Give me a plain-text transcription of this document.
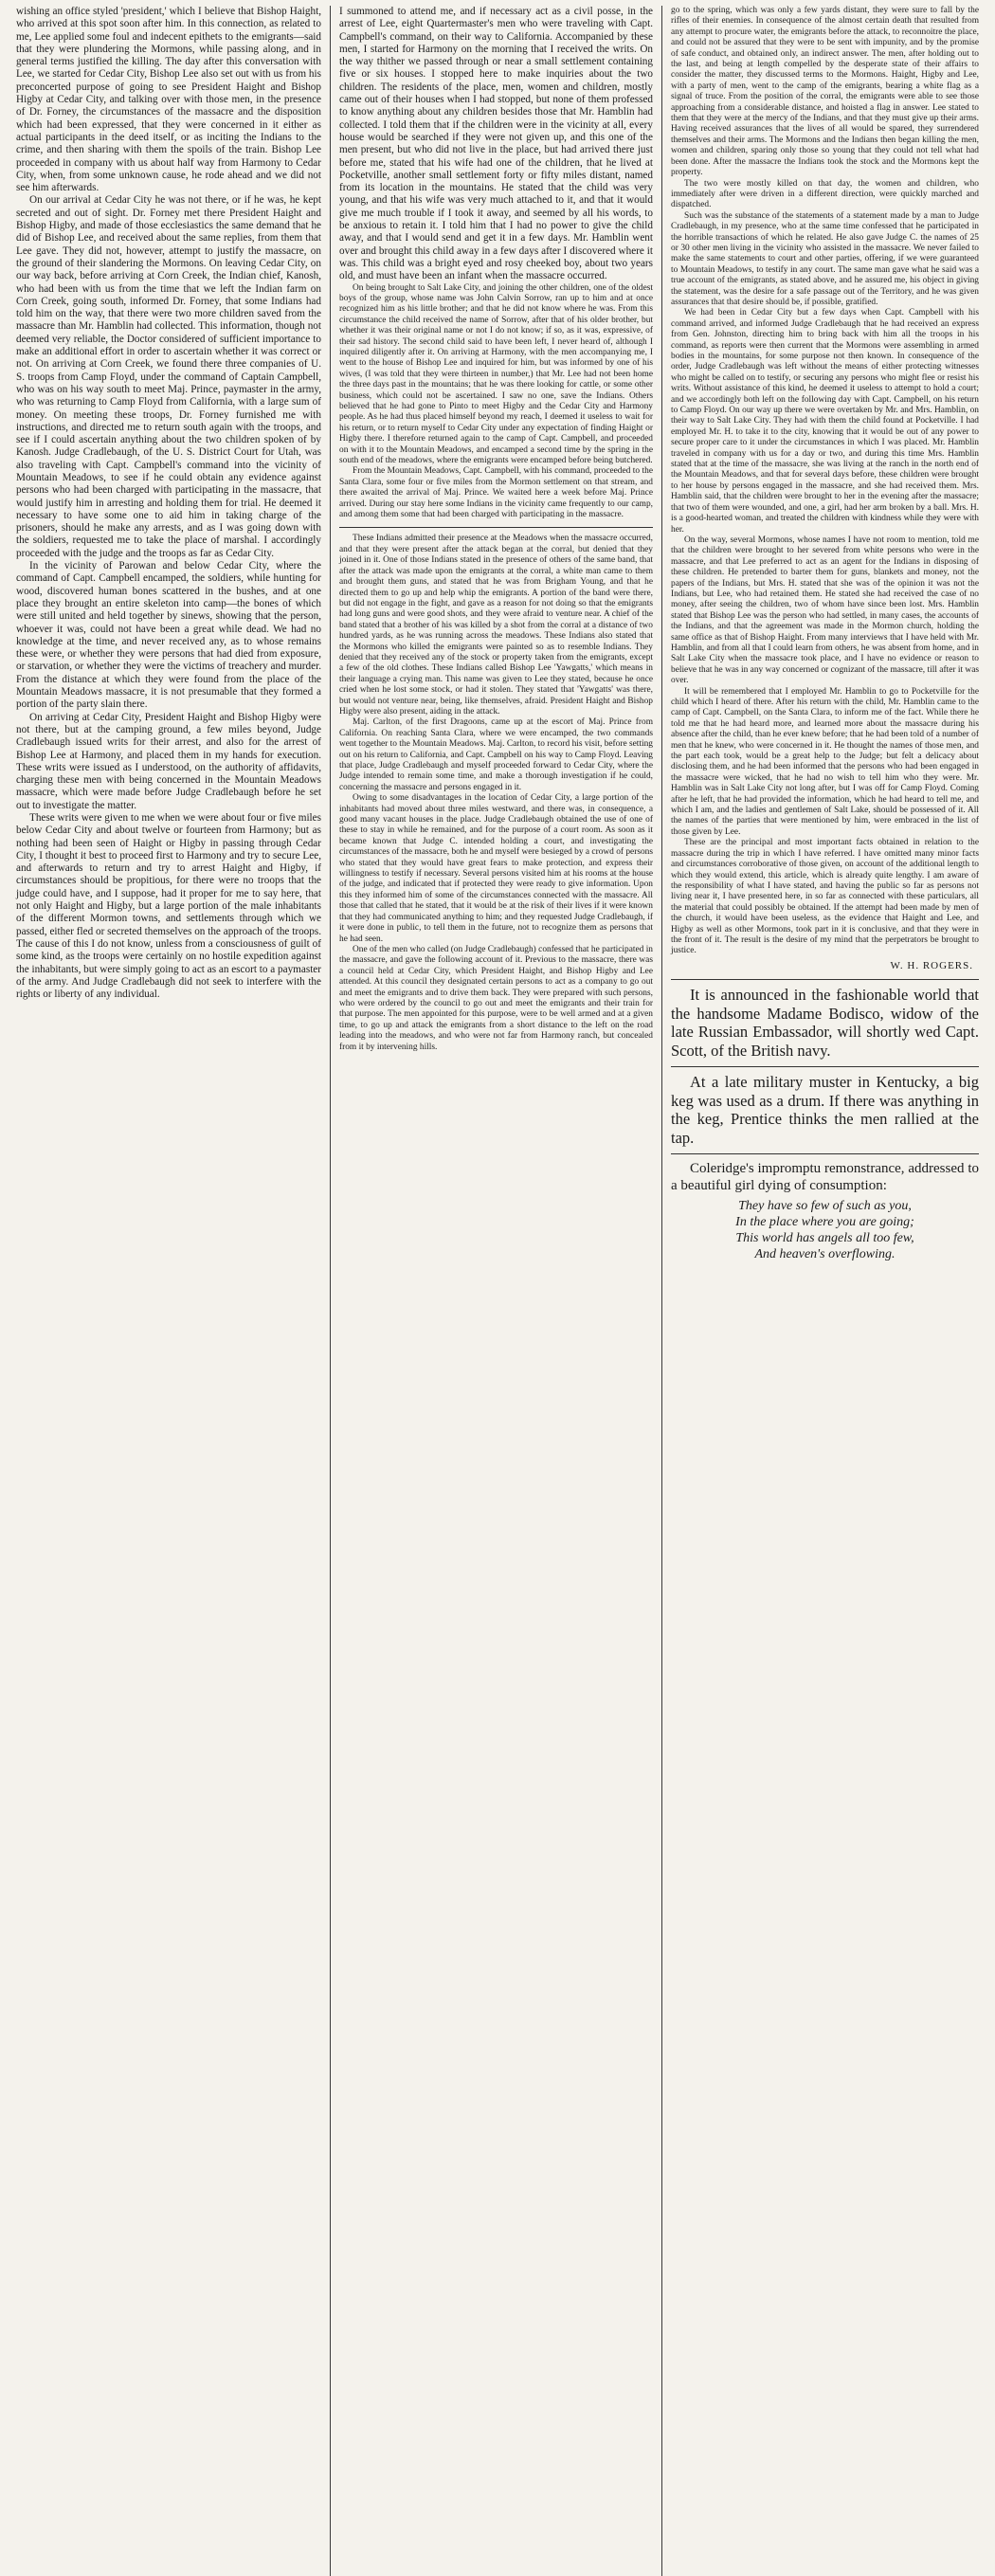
wishing an office styled 'president,' which I believe that Bishop Haight, who arrived at this spot soon after him. In this connection, as related to me, Lee applied some foul and indecent epithets to the emigrants—said that they were plundering the Mormons, while passing along, and in general terms justified the killing. The day after this conversation with Lee, we started for Cedar City, Bishop Lee also set out with us from his preconcerted purpose of going to see President Haight and Bishop Higby at Cedar City, and talking over with those men, in the presence of Dr. Forney, the circumstances of the massacre and the disposition which had been expressed, that they were concerned in it either as actual participants in the deed itself, or as inciting the Indians to the crime, and then sharing with them the spoils of the train. Bishop Lee proceeded in company with us about half way from Harmony to Cedar City, when, from some unknown cause, he rode ahead and we did not see him afterwards.

On our arrival at Cedar City he was not there, or if he was, he kept secreted and out of sight. Dr. Forney met there President Haight and Bishop Higby, and made of those ecclesiastics the same demand that he did of Bishop Lee, and received about the same replies, from them that Lee gave. They did not, however, attempt to justify the massacre, on the ground of their slandering the Mormons. On leaving Cedar City, on our way back, before arriving at Corn Creek, the Indian chief, Kanosh, who had been with us from the time that we left the Indian farm on Corn Creek, going south, informed Dr. Forney, that some Indians had told him on the way, that there were two more children saved from the massacre than Mr. Hamblin had collected. This information, though not deemed very reliable, the Doctor considered of sufficient importance to make an additional effort in order to ascertain whether it was correct or not. On arriving at Corn Creek, we found there three companies of U. S. troops from Camp Floyd, under the command of Captain Campbell, who was on his way south to meet Maj. Prince, paymaster in the army, who was returning to Camp Floyd from California, with a large sum of money. On meeting these troops, Dr. Forney furnished me with instructions, and directed me to return south again with the troops, and see if I could ascertain anything about the two children spoken of by Kanosh. Judge Cradlebaugh, of the U. S. District Court for Utah, was also traveling with Capt. Campbell's command into the vicinity of Mountain Meadows, to see if he could obtain any evidence against persons who had been charged with participating in the massacre, that would justify him in arresting and holding them for trial. He deemed it necessary to have some one to aid him in taking charge of the prisoners, should he make any arrests, and as I was going down with the soldiers, requested me to take the place of marshal. I accordingly proceeded with the judge and the troops as far as Cedar City.

In the vicinity of Parowan and below Cedar City, where the command of Capt. Campbell encamped, the soldiers, while hunting for wood, discovered human bones scattered in the bushes, and at one place they brought an entire skeleton into camp—the bones of which were still united and held together by sinews, showing that the person, whoever it was, could not have been a great while dead. We had no knowledge at the time, and never received any, as to whose remains these were, or whether they were persons that had died from exposure, or starvation, or whether they were the victims of treachery and murder. From the distance at which they were found from the place of the Mountain Meadows massacre, it is not presumable that they formed a portion of the party slain there.

On arriving at Cedar City, President Haight and Bishop Higby were not there, but at the camping ground, a few miles beyond, Judge Cradlebaugh issued writs for their arrest, and also for the arrest of Bishop Lee at Harmony, and placed them in my hands for execution. These writs were issued as I understood, on the authority of affidavits, charging these men with being concerned in the Mountain Meadows massacre, which were made before Judge Cradlebaugh before he set out to investigate the matter.

These writs were given to me when we were about four or five miles below Cedar City and about twelve or fourteen from Harmony; but as nothing had been seen of Haight or Higby in passing through Cedar City, I thought it best to proceed first to Harmony and try to secure Lee, and afterwards to return and try to arrest Haight and Higby, if circumstances should be propitious, for there were no troops that the judge could have, and I suppose, had it proper for me to say here, that not only Haight and Higby, but a large portion of the male inhabitants of the different Mormon towns, and settlements through which we passed, either fled or secreted themselves on the approach of the troops. The cause of this I do not know, unless from a consciousness of guilt of some kind, as the troops were certainly on no hostile expedition against the inhabitants, but were simply going to act as an escort to a paymaster of the army. And Judge Cradlebaugh did not seek to interfere with the rights or liberty of any individual.

I summoned to attend me, and if necessary act as a civil posse, in the arrest of Lee, eight Quartermaster's men who were traveling with Capt. Campbell's command, on their way to California. Accompanied by these men, I started for Harmony on the morning that I received the writs. On the way thither we passed through or near a small settlement containing five or six houses. I stopped here to make inquiries about the two children. The residents of the place, men, women and children, mostly came out of their houses when I had stopped, but none of them professed to know anything about any children besides those that Mr. Hamblin had collected. I told them that if the children were in the vicinity at all, every house would be searched if they were not given up, and this one of the men present, but who did not live in the place, but had arrived there just before me, stated that his wife had one of the children, that he lived at Pocketville, another small settlement forty or fifty miles distant, named from its location in the mountains. He stated that the child was very young, and that his wife was very much attached to it, and that it would give me much trouble if I took it away, and seemed by all his words, to be anxious to retain it. I told him that I had no power to give the child away, and that I would send and get it in a few days. Mr. Hamblin went over and brought this child away in a few days after I discovered where it was. This child was a bright eyed and rosy cheeked boy, about two years old, and must have been an infant when the massacre occurred.

On being brought to Salt Lake City, and joining the other children, one of the oldest boys of the group, whose name was John Calvin Sorrow, ran up to him and at once recognized him as his little brother; and that he did not know where he was. From this circumstance the child received the name of Sorrow, after that of his older brother, but whether it was their original name or not I do not know; if so, as it was, expressive, of their sad history. The second child said to have been left, I never heard of, although I inquired diligently after it. On arriving at Harmony, with the men accompanying me, I went to the house of Bishop Lee and inquired for him, but was informed by one of his wives, (I was told that they were thirteen in number,) that Mr. Lee had not been home the three days past in the mountains; that he was there looking for cattle, or some other business, which could not be ascertained. I saw no one, save the Indians. Others believed that he had gone to Pinto to meet Higby and the Cedar City and Harmony people. As he had thus placed himself beyond my reach, I deemed it useless to wait for his return, or to return myself to Cedar City under any expectation of finding Haight or Higby there. I therefore returned again to the camp of Capt. Campbell, and proceeded on with it to the Mountain Meadows, and encamped a second time by the spring in the south end of the meadows, where the emigrants were encamped before being butchered.

From the Mountain Meadows, Capt. Campbell, with his command, proceeded to the Santa Clara, some four or five miles from the Mormon settlement on that stream, and there awaited the arrival of Maj. Prince. We waited here a week before Maj. Prince arrived. During our stay here some Indians in the vicinity came frequently to our camp, and among them some that had been charged with participating in the massacre.

These Indians admitted their presence at the Meadows when the massacre occurred, and that they were present after the attack began at the corral, but denied that they joined in it. One of those Indians stated in the presence of others of the same band, that after the attack was made upon the emigrants at the corral, a white man came to them and brought them guns, and stated that he was from Brigham Young, and that he directed them to go up and help whip the emigrants. A portion of the band were there, but did not engage in the fight, and gave as a reason for not doing so that the emigrants had long guns and were good shots, and they were afraid to venture near. A chief of the band stated that a brother of his was killed by a shot from the corral at a distance of two hundred yards, as he was running across the meadows. These Indians also stated that the Mormons who killed the emigrants were painted so as to resemble Indians. They denied that they received any of the stock or property taken from the emigrants, except a few of the old clothes. These Indians called Bishop Lee 'Yawgatts,' which means in their language a crying man. This name was given to Lee they stated, because he once cried when he lost some stock, or had it stolen. They stated that 'Yawgatts' was there, but would not venture near, being, like themselves, afraid. President Haight and Bishop Higby were also present, aiding in the attack.

Maj. Carlton, of the first Dragoons, came up at the escort of Maj. Prince from California. On reaching Santa Clara, where we were encamped, the two commands went together to the Mountain Meadows. Maj. Carlton, to record his visit, before setting out on his return to California, and Capt. Campbell on his way to Camp Floyd. Leaving that place, Judge Cradlebaugh and myself proceeded forward to Cedar City, where the Judge intended to remain some time, and make a thorough investigation if he could, concerning the massacre and persons engaged in it.

Owing to some disadvantages in the location of Cedar City, a large portion of the inhabitants had moved about three miles westward, and there was, in consequence, a good many vacant houses in the place. Judge Cradlebaugh obtained the use of one of these to stay in while he remained, and for the purpose of a court room. As soon as it became known that Judge C. intended holding a court, and investigating the circumstances of the massacre, both he and myself were besieged by a crowd of persons who stated that they would have great fears to make protection, and express their willingness to testify if necessary. Several persons visited him at his rooms at the house of the judge, and indicated that if protected they were ready to give information. Upon this they informed him of some of the circumstances connected with the massacre. All those that called that he stated, that it would be at the risk of their lives if it were known that they had communicated anything to him; and they requested Judge Cradlebaugh, if it were done in public, to tell them in the future, not to recognize them as persons that he had seen.

One of the men who called (on Judge Cradlebaugh) confessed that he participated in the massacre, and gave the following account of it. Previous to the massacre, there was a council held at Cedar City, which President Haight, and Bishop Higby and Lee attended. At this council they designated certain persons to act as a company to go out and meet the emigrants and to drive them back. They were prepared with such persons, who were ordered by the council to go out and meet the emigrants and their train for that purpose. The men appointed for this purpose, were to be well armed and at a given time, to go up and attack the emigrants from a short distance to the left on the road leading into the meadows, and who were not far from Harmony ranch, but concealed from it by intervening hills.

go to the spring, which was only a few yards distant, they were sure to fall by the rifles of their enemies. In consequence of the almost certain death that resulted from any attempt to procure water, the emigrants before the attack, to reconnoitre the place, and could not be assured that they were to be sent with impunity, and by the promise of safe conduct, and obtained only, an indirect answer. The men, after holding out to the last, and being at length compelled by the desperate state of their affairs to consider the matter, they discussed terms to the Mormons. Haight, Higby and Lee, with a party of men, went to the camp of the emigrants, bearing a white flag as a signal of truce. From the position of the corral, the emigrants were able to see those approaching from a considerable distance, and hoisted a flag in answer. Lee stated to them that they were at the mercy of the Indians, and that they must give up their arms. Having received assurances that the lives of all would be spared, they surrendered themselves and their arms. The Mormons and the Indians then began killing the men, women and children, sparing only those so young that they could not tell what had been done. After the massacre the Indians took the stock and the Mormons kept the property.

The two were mostly killed on that day, the women and children, who immediately after were driven in a different direction, were quickly marched and dispatched.

Such was the substance of the statements of a statement made by a man to Judge Cradlebaugh, in my presence, who at the same time confessed that he participated in the horrible transactions of which he related. He also gave Judge C. the names of 25 or 30 other men living in the vicinity who assisted in the massacre. We never failed to make the same statements to court and other parties, offering, if we were guaranteed to Mountain Meadows, to testify in any court. The same man gave what he said was a true account of the emigrants, as stated above, and he assured me, his object in giving the statement, was the desire for a safe passage out of the Territory, and he was given assurances that that desire should be, if possible, gratified.

We had been in Cedar City but a few days when Capt. Campbell with his command arrived, and informed Judge Cradlebaugh that he had received an express from Gen. Johnston, directing him to bring back with him all the troops in his command, as reports were then current that the Mormons were assembling in armed bodies in the mountains, for some purpose not then known. In consequence of the order, Judge Cradlebaugh was left without the means of either protecting witnesses who might be called on to testify, or securing any persons who might flee or resist his writs. Without assistance of this kind, he deemed it useless to attempt to hold a court; and we accordingly both left on the following day with Capt. Campbell, on his return to Camp Floyd. On our way up there we were overtaken by Mr. and Mrs. Hamblin, on their way to Salt Lake City. They had with them the child found at Pocketville. I had employed Mr. H. to take it to the city, knowing that it would be out of any power to secure proper care to it under the circumstances in which I was placed. Mr. Hamblin traveled in company with us for a day or two, and during this time Mrs. Hamblin stated that at the time of the massacre, she was living at the ranch in the north end of the Mountain Meadows, and that for several days before, these children were brought to her house by persons engaged in the massacre, and she had received them. Mrs. Hamblin said, that the children were brought to her in the evening after the massacre; that two of them were wounded, and one, a girl, had her arm broken by a ball. Mrs. H. is a good-hearted woman, and treated the children with kindness while they were with her.

On the way, several Mormons, whose names I have not room to mention, told me that the children were brought to her severed from white persons who were in the massacre, and that Lee preferred to act as an agent for the Indians in disposing of these children. He pretended to barter them for guns, blankets and money, not the papers of the Indians, but Mrs. H. stated that she was of the opinion it was not the Indians, but Lee, who had retained them. He stated she had received the case of no money, after seeing the children, two of whom have since been lost. Mrs. Hamblin stated that Bishop Lee was the person who had settled, in many cases, the accounts of the Indians, and that the agreement was made in the Mormon church, holding the same office as that of Bishop Haight. From many interviews that I have held with Mr. Hamblin, and from all that I could learn from others, he was absent from home, and in Salt Lake City when the massacre took place, and I have no evidence or reason to believe that he was in any way concerned or cognizant of the massacre, till after it was over.

It will be remembered that I employed Mr. Hamblin to go to Pocketville for the child which I heard of there. After his return with the child, Mr. Hamblin came to the camp of Capt. Campbell, on the Santa Clara, to inform me of the fact. While there he told me that he had heard more, and learned more about the massacre during his absence after the child, than he ever knew before; that he had been told of a number of men that he knew, who were concerned in it. He thought the names of those men, and the part each took, would be a great help to the Judge; but felt a delicacy about disclosing them, and he had been informed that the persons who had been engaged in the massacre were wicked, that he had no wish to tell him who they were. Mr. Hamblin was in Salt Lake City not long after, but I was off for Camp Floyd. Coming after he left, that he had provided the information, which he had heard to tell me, and which I am, and the ladies and gentlemen of Salt Lake, should be possessed of it. All the names of the parties that were mentioned by him, were embraced in the list of those given by Lee.

These are the principal and most important facts obtained in relation to the massacre during the trip in which I have referred. I have omitted many minor facts and circumstances corroborative of those given, on account of the additional length to which they would extend, this article, which is already quite lengthy. I am aware of the responsibility of what I have stated, and having the public so far as persons not living near it, I have presented here, in so far as connected with these particulars, all the material that could possibly be obtained. If the attempt had been made by men of the church, it would have been useless, as the evidence that Haight and Lee, and Higby as well as other Mormons, took part in it is conclusive, and that they were in the front of it. The result is the desire of my mind that the perpetrators be brought to justice.

W. H. ROGERS.

It is announced in the fashionable world that the handsome Madame Bodisco, widow of the late Russian Embassador, will shortly wed Capt. Scott, of the British navy.

At a late military muster in Kentucky, a big keg was used as a drum. If there was anything in the keg, Prentice thinks the men rallied at the tap.

Coleridge's impromptu remonstrance, addressed to a beautiful girl dying of consumption:

They have so few of such as you,
In the place where you are going;
This world has angels all too few,
And heaven's overflowing.
